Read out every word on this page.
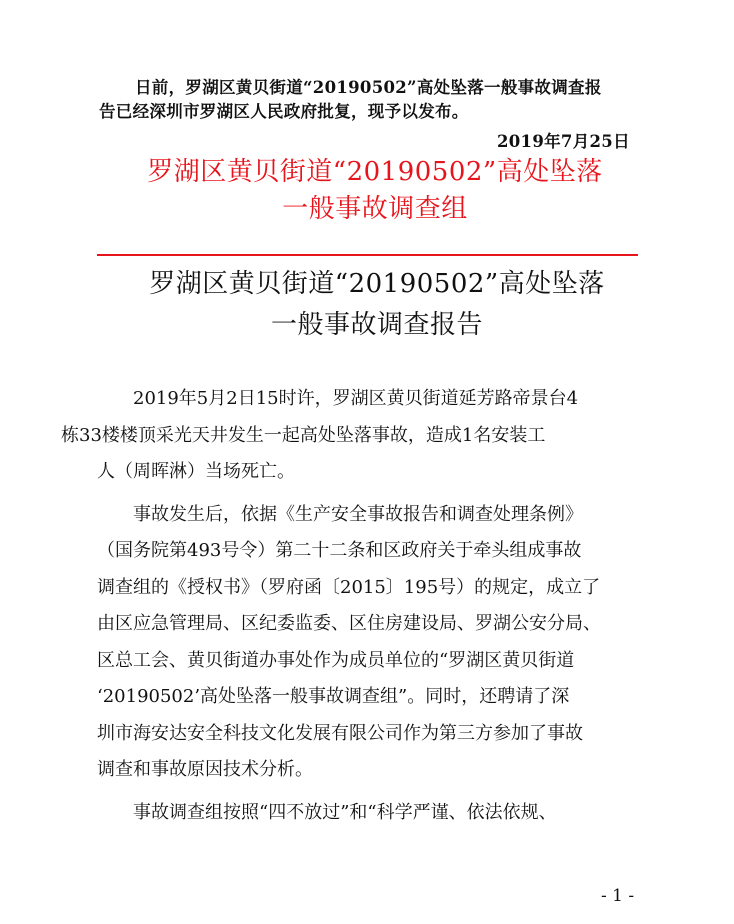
日前，罗湖区黄贝街道“20190502”高处坠落一般事故调查报

告已经深圳市罗湖区人民政府批复，现予以发布。

2019年7月25日
罗湖区黄贝街道“20190502”高处坠落
一般事故调查组
罗湖区黄贝街道“20190502”高处坠落
一般事故调查报告

2019年5月2日15时许，罗湖区黄贝街道延芳路帝景台4
栋33楼楼顶采光天井发生一起高处坠落事故，造成1名安装工
人（周晖淋）当场死亡。

事故发生后，依据《生产安全事故报告和调查处理条例》
（国务院第493号令）第二十二条和区政府关于牵头组成事故
调查组的《授权书》（罗府函〔2015〕195号）的规定，成立了
由区应急管理局、区纪委监委、区住房建设局、罗湖公安分局、
区总工会、黄贝街道办事处作为成员单位的“罗湖区黄贝街道
‘20190502’高处坠落一般事故调查组”。同时，还聘请了深
圳市海安达安全科技文化发展有限公司作为第三方参加了事故
调查和事故原因技术分析。

事故调查组按照“四不放过”和“科学严谨、依法依规、

- 1 -
